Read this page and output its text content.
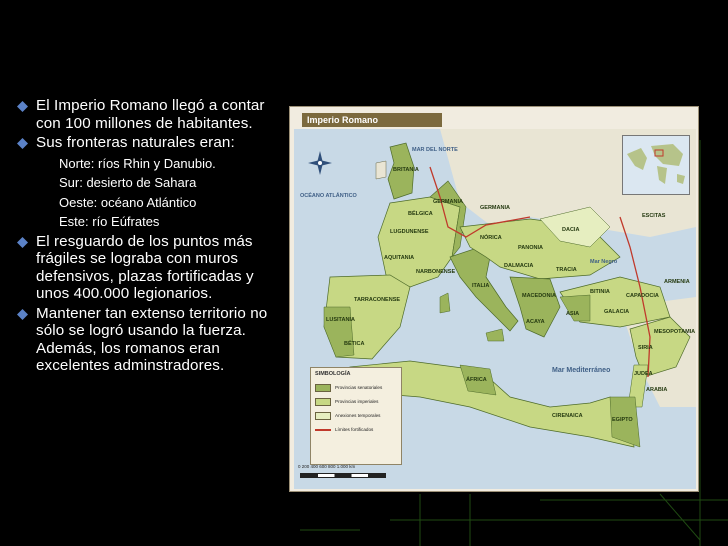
El Imperio Romano llegó a contar con 100 millones de habitantes.
Sus fronteras naturales eran:
Norte: ríos Rhin y Danubio.
Sur: desierto de Sahara
Oeste: océano Atlántico
Este: río Eúfrates
El resguardo de los puntos más frágiles se lograba con muros defensivos, plazas fortificadas y unos 400.000 legionarios.
Mantener tan extenso territorio no sólo se logró usando la fuerza. Además, los romanos eran excelentes adminstradores.
Imperio Romano
BRITANIA
GERMANIA
BÉLGICA
LUGDUNENSE
AQUITANIA
NARBONENSE
TARRACONENSE
LUSITANIA
BÉTICA
ÁFRICA
ITALIA
NÓRICA
PANONIA
DALMACIA
DACIA
TRACIA
MACEDONIA
ACAYA
ASIA
BITINIA
GALACIA
CAPADOCIA
ARMENIA
MESOPOTAMIA
SIRIA
JUDEA
ARABIA
EGIPTO
CIRENAICA
ESCITAS
GERMANIA
OCÉANO ATLÁNTICO
MAR DEL NORTE
Mar Mediterráneo
Mar Negro
SIMBOLOGÍA
Provincias senatoriales
Provincias imperiales
Anexiones temporales
Límites fortificados
0 200 400 600 800 1.000 km
